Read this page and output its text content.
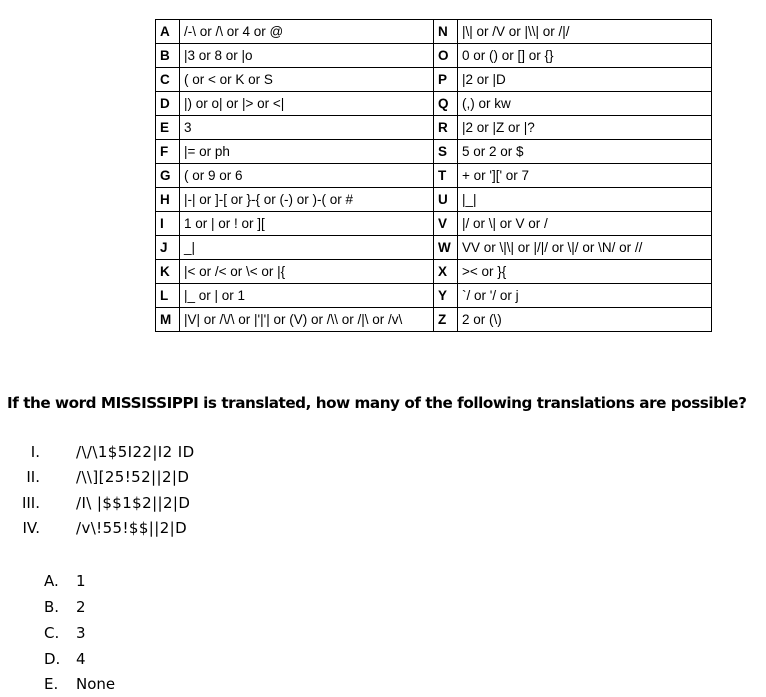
A	/-\ or /\ or 4 or @	N	|\| or /V or |\\| or /|/
B	|3 or 8 or |o	O	0 or () or [] or {}
C	( or < or K or S	P	|2 or |D
D	|) or o| or |> or <|	Q	(,) or kw
E	3	R	|2 or |Z or |?
F	|= or ph	S	5 or 2 or $
G	( or 9 or 6	T	+ or '][' or 7
H	|-| or ]-[ or }-{ or (-) or )-( or #	U	|_|
I	1 or | or ! or ][	V	|/ or \| or V or /
J	_|	W	VV or \|\| or |/|/ or \|/ or \N/ or //
K	|< or /< or \< or |{	X	>< or }{
L	|_ or | or 1	Y	`/ or '/ or j
M	|V| or /\/\ or |'|'| or (V) or /\\ or /|\ or /v\	Z	2 or (\)
If the word MISSISSIPPI is translated, how many of the following translations are possible?
I. /\/\1$5I22|I2 ID
II. /\\][25!52||2|D
III. /I\ |$$1$2||2|D
IV. /v\!55!$$||2|D
A. 1
B. 2
C. 3
D. 4
E. None
